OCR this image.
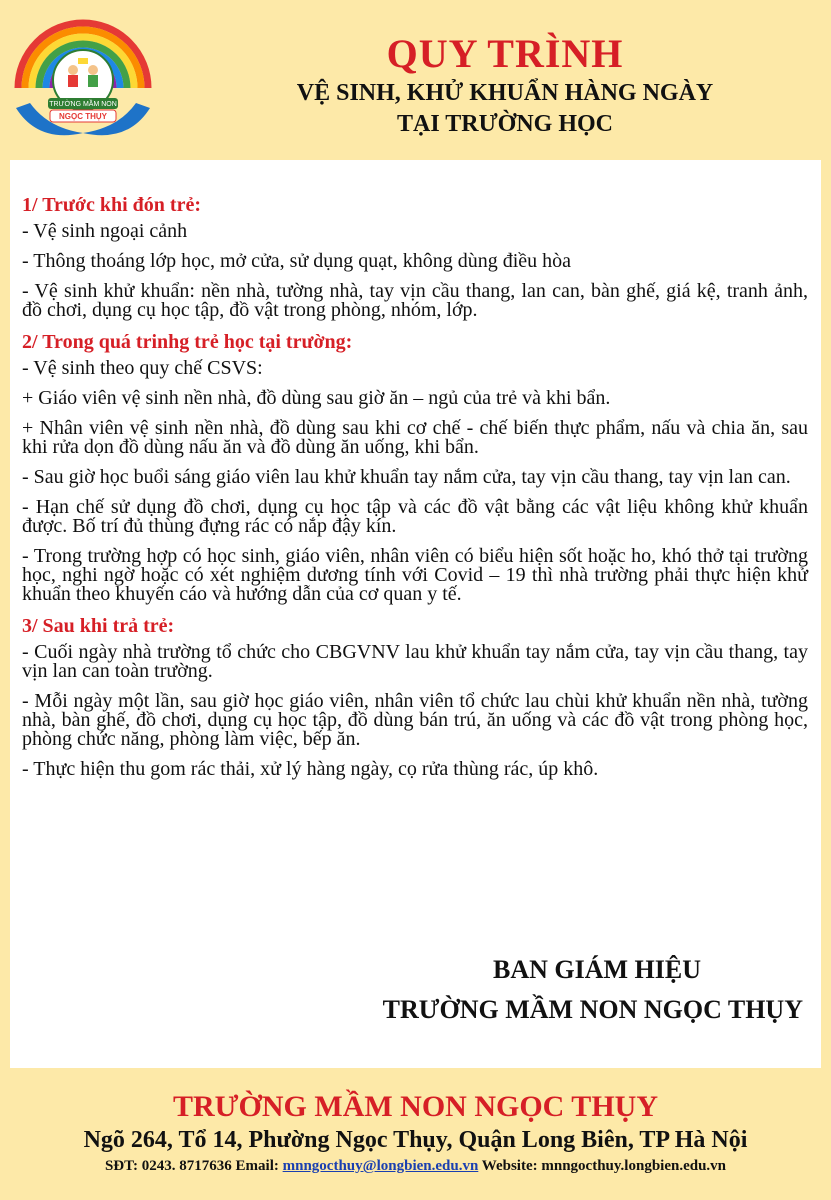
TRƯỜNG MẦM NON
NGỌC THỤY
QUY TRÌNH
VỆ SINH, KHỬ KHUẨN HÀNG NGÀY
TẠI TRƯỜNG HỌC
1/ Trước khi đón trẻ:

- Vệ sinh ngoại cảnh

- Thông thoáng lớp học, mở cửa, sử dụng quạt, không dùng điều hòa

- Vệ sinh khử khuẩn: nền nhà, tường nhà, tay vịn cầu thang, lan can, bàn ghế, giá kệ, tranh ảnh, đồ chơi, dụng cụ học tập, đồ vật trong phòng, nhóm, lớp.

2/ Trong quá trinhg trẻ học tại trường:

- Vệ sinh theo quy chế CSVS:

+ Giáo viên vệ sinh nền nhà, đồ dùng sau giờ ăn – ngủ của trẻ và khi bẩn.

+ Nhân viên vệ sinh nền nhà, đồ dùng sau khi cơ chế - chế biến thực phẩm, nấu và chia ăn, sau khi rửa dọn đồ dùng nấu ăn và đồ dùng ăn uống, khi bẩn.

- Sau giờ học buổi sáng giáo viên lau khử khuẩn tay nắm cửa, tay vịn cầu thang, tay vịn lan can.

- Hạn chế sử dụng đồ chơi, dụng cụ học tập và các đồ vật bằng các vật liệu không khử khuẩn được. Bố trí đủ thùng đựng rác có nắp đậy kín.

- Trong trường hợp có học sinh, giáo viên, nhân viên có biểu hiện sốt hoặc ho, khó thở tại trường học, nghi ngờ hoặc có xét nghiệm dương tính với Covid – 19 thì nhà trường phải thực hiện khử khuẩn theo khuyến cáo và hướng dẫn của cơ quan y tế.

3/ Sau khi trả trẻ:

- Cuối ngày nhà trường tổ chức cho CBGVNV lau khử khuẩn tay nắm cửa, tay vịn cầu thang, tay vịn lan can toàn trường.

- Mỗi ngày một lần, sau giờ học giáo viên, nhân viên tổ chức lau chùi khử khuẩn nền nhà, tường nhà, bàn ghế, đồ chơi, dụng cụ học tập, đồ dùng bán trú, ăn uống và các đồ vật trong phòng học, phòng chức năng, phòng làm việc, bếp ăn.

- Thực hiện thu gom rác thải, xử lý hàng ngày, cọ rửa thùng rác, úp khô.

BAN GIÁM HIỆU
TRƯỜNG MẦM NON NGỌC THỤY
TRƯỜNG MẦM NON NGỌC THỤY
Ngõ 264, Tổ 14, Phường Ngọc Thụy, Quận Long Biên, TP Hà Nội
SĐT: 0243. 8717636 Email: mnngocthuy@longbien.edu.vn Website: mnngocthuy.longbien.edu.vn
